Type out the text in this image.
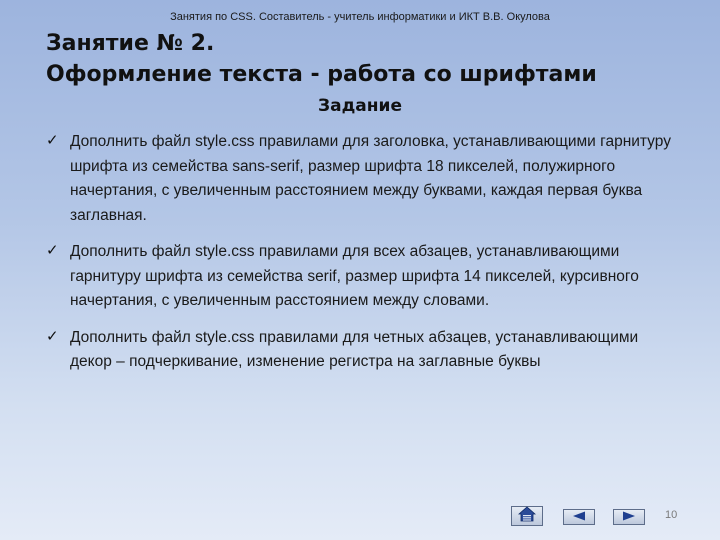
Занятия по CSS. Составитель - учитель информатики и ИКТ В.В. Окулова
Занятие № 2.
Оформление текста - работа со шрифтами
Задание
✓ Дополнить файл style.css правилами для заголовка, устанавливающими гарнитуру шрифта из семейства sans-serif, размер шрифта 18 пикселей, полужирного начертания, с увеличенным расстоянием между буквами, каждая первая буква заглавная.
✓ Дополнить файл style.css правилами для всех абзацев, устанавливающими гарнитуру шрифта из семейства serif, размер шрифта 14 пикселей, курсивного начертания, с увеличенным расстоянием между словами.
✓ Дополнить файл style.css правилами для четных абзацев, устанавливающими декор – подчеркивание, изменение регистра на заглавные буквы
10
